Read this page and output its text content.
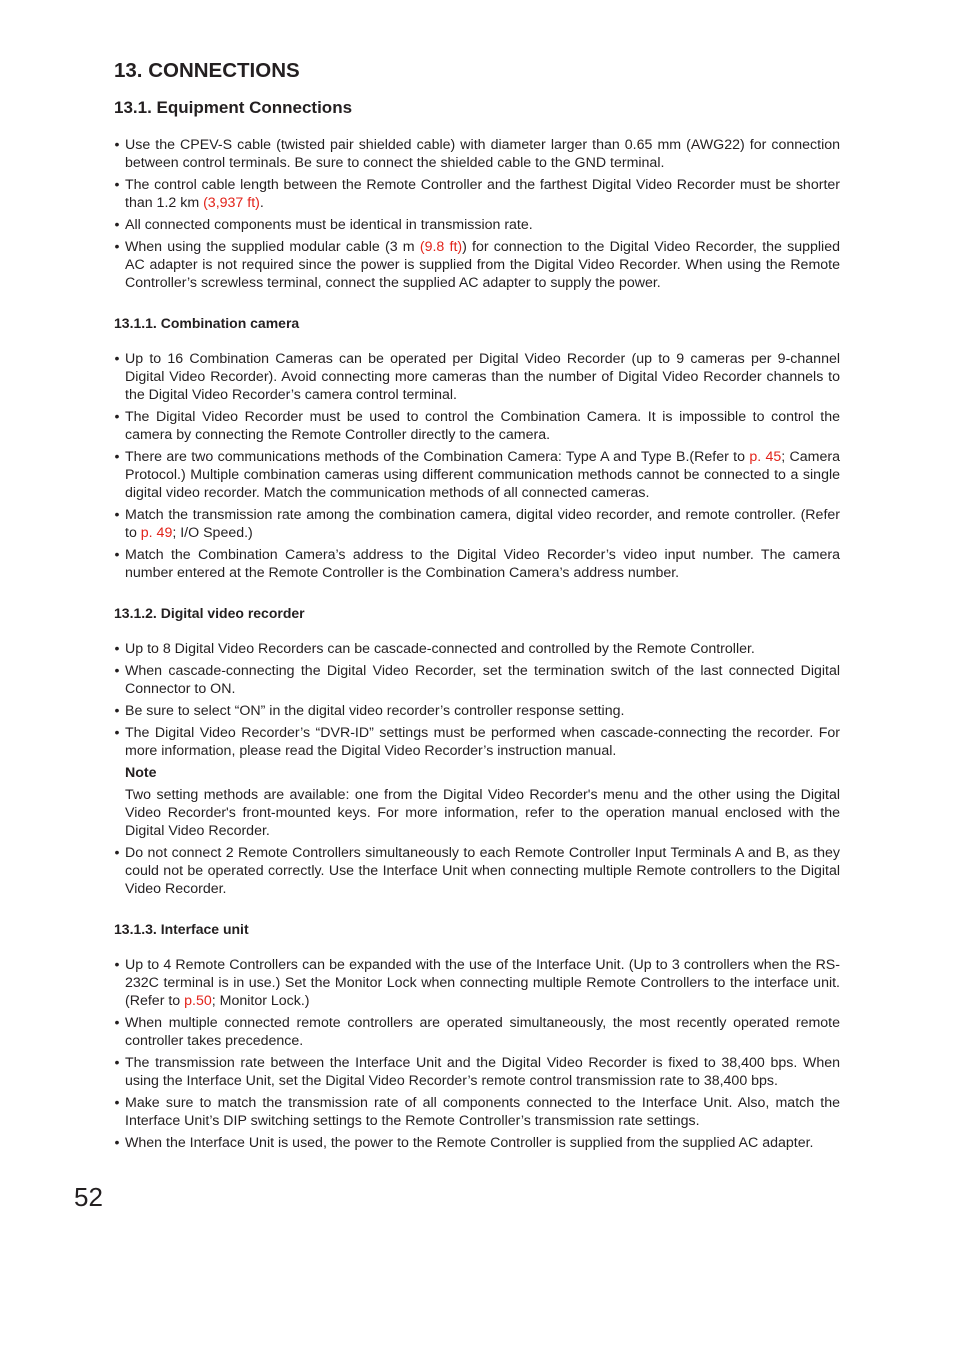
13. CONNECTIONS
13.1. Equipment Connections
• Use the CPEV-S cable (twisted pair shielded cable) with diameter larger than 0.65 mm (AWG22) for connection between control terminals. Be sure to connect the shielded cable to the GND terminal.
• The control cable length between the Remote Controller and the farthest Digital Video Recorder must be shorter than 1.2 km (3,937 ft).
• All connected components must be identical in transmission rate.
• When using the supplied modular cable (3 m (9.8 ft)) for connection to the Digital Video Recorder, the supplied AC adapter is not required since the power is supplied from the Digital Video Recorder. When using the Remote Controller’s screwless terminal, connect the supplied AC adapter to supply the power.
13.1.1. Combination camera
• Up to 16 Combination Cameras can be operated per Digital Video Recorder (up to 9 cameras per 9-channel Digital Video Recorder). Avoid connecting more cameras than the number of Digital Video Recorder channels to the Digital Video Recorder’s camera control terminal.
• The Digital Video Recorder must be used to control the Combination Camera. It is impossible to control the camera by connecting the Remote Controller directly to the camera.
• There are two communications methods of the Combination Camera: Type A and Type B.(Refer to p. 45; Camera Protocol.) Multiple combination cameras using different communication methods cannot be connected to a single digital video recorder. Match the communication methods of all connected cameras.
• Match the transmission rate among the combination camera, digital video recorder, and remote controller. (Refer to p. 49; I/O Speed.)
• Match the Combination Camera’s address to the Digital Video Recorder’s video input number. The camera number entered at the Remote Controller is the Combination Camera’s address number.
13.1.2. Digital video recorder
• Up to 8 Digital Video Recorders can be cascade-connected and controlled by the Remote Controller.
• When cascade-connecting the Digital Video Recorder, set the termination switch of the last connected Digital Connector to ON.
• Be sure to select “ON” in the digital video recorder’s controller response setting.
• The Digital Video Recorder’s “DVR-ID” settings must be performed when cascade-connecting the recorder. For more information, please read the Digital Video Recorder’s instruction manual.
Note
Two setting methods are available: one from the Digital Video Recorder's menu and the other using the Digital Video Recorder's front-mounted keys. For more information, refer to the operation manual enclosed with the Digital Video Recorder.
• Do not connect 2 Remote Controllers simultaneously to each Remote Controller Input Terminals A and B, as they could not be operated correctly. Use the Interface Unit when connecting multiple Remote controllers to the Digital Video Recorder.
13.1.3. Interface unit
• Up to 4 Remote Controllers can be expanded with the use of the Interface Unit. (Up to 3 controllers when the RS-232C terminal is in use.) Set the Monitor Lock when connecting multiple Remote Controllers to the interface unit. (Refer to p.50; Monitor Lock.)
• When multiple connected remote controllers are operated simultaneously, the most recently operated remote controller takes precedence.
• The transmission rate between the Interface Unit and the Digital Video Recorder is fixed to 38,400 bps. When using the Interface Unit, set the Digital Video Recorder’s remote control transmission rate to 38,400 bps.
• Make sure to match the transmission rate of all components connected to the Interface Unit. Also, match the Interface Unit’s DIP switching settings to the Remote Controller’s transmission rate settings.
• When the Interface Unit is used, the power to the Remote Controller is supplied from the supplied AC adapter.
52
